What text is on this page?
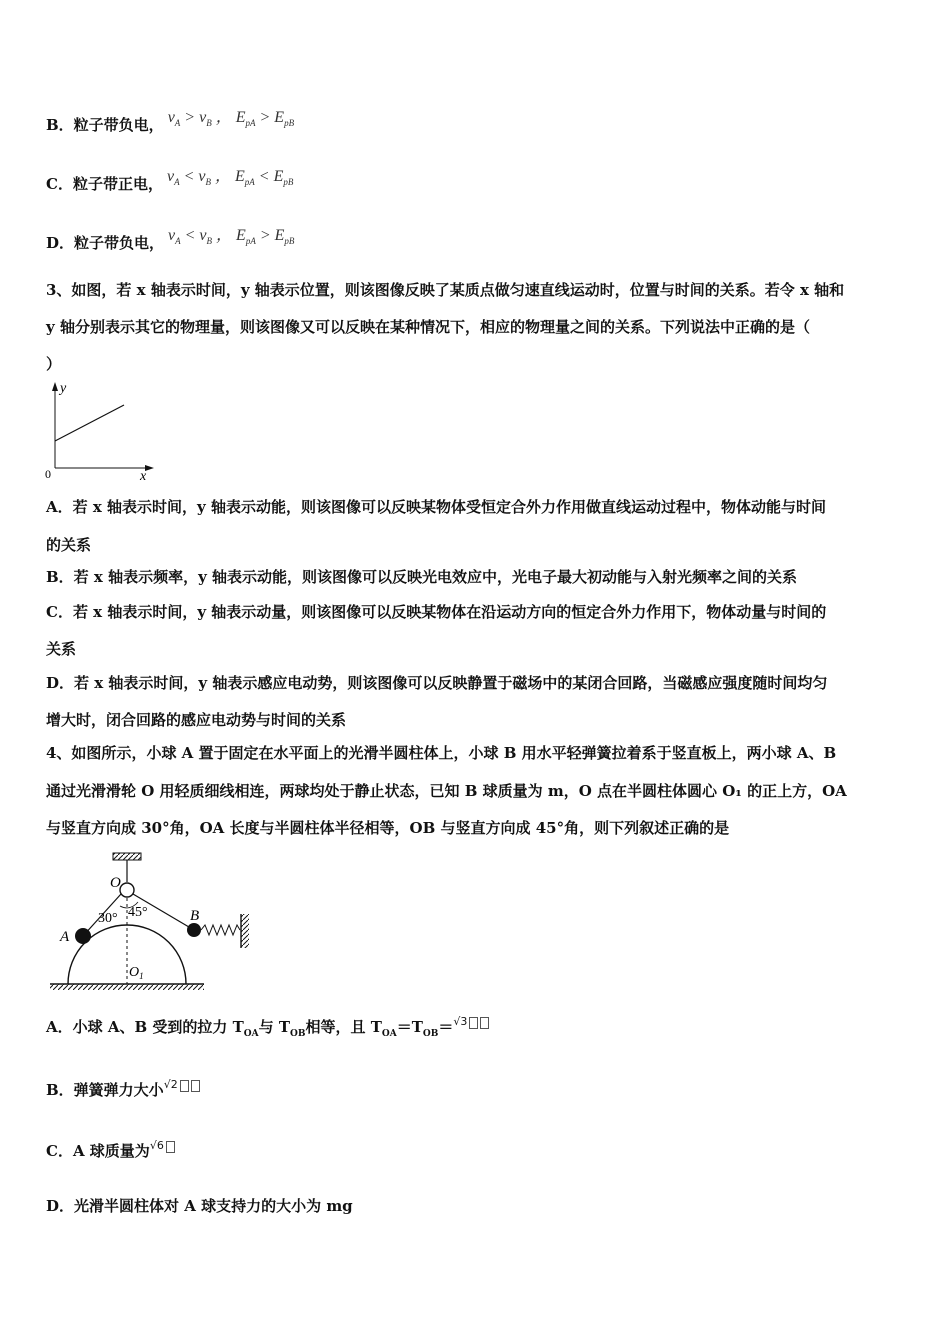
B．粒子带负电， $v_A > v_B$ ， $E_{pA} > E_{pB}$
C．粒子带正电， $v_A < v_B$ ， $E_{pA} < E_{pB}$
D．粒子带负电， $v_A < v_B$ ， $E_{pA} > E_{pB}$
3、如图，若 x 轴表示时间，y 轴表示位置，则该图像反映了某质点做匀速直线运动时，位置与时间的关系。若令 x 轴和
y 轴分别表示其它的物理量，则该图像又可以反映在某种情况下，相应的物理量之间的关系。下列说法中正确的是（
）
y
x
0
A．若 x 轴表示时间，y 轴表示动能，则该图像可以反映某物体受恒定合外力作用做直线运动过程中，物体动能与时间
的关系
B．若 x 轴表示频率，y 轴表示动能，则该图像可以反映光电效应中，光电子最大初动能与入射光频率之间的关系
C．若 x 轴表示时间，y 轴表示动量，则该图像可以反映某物体在沿运动方向的恒定合外力作用下，物体动量与时间的
关系
D．若 x 轴表示时间，y 轴表示感应电动势，则该图像可以反映静置于磁场中的某闭合回路，当磁感应强度随时间均匀
增大时，闭合回路的感应电动势与时间的关系
4、如图所示，小球 A 置于固定在水平面上的光滑半圆柱体上，小球 B 用水平轻弹簧拉着系于竖直板上，两小球 A、B
通过光滑滑轮 O 用轻质细线相连，两球均处于静止状态，已知 B 球质量为 m，O 点在半圆柱体圆心 O₁ 的正上方，OA
与竖直方向成 30°角，OA 长度与半圆柱体半径相等，OB 与竖直方向成 45°角，则下列叙述正确的是
O
A
B
$O_1$
30° 45°
A．小球 A、B 受到的拉力 $T_{OA}$与 $T_{OB}$相等，且 $T_{OA}=T_{OB}=^{√3}$
B．弹簧弹力大小$^{√2}$
C．A 球质量为$^{√6}$
D．光滑半圆柱体对 A 球支持力的大小为 mg
